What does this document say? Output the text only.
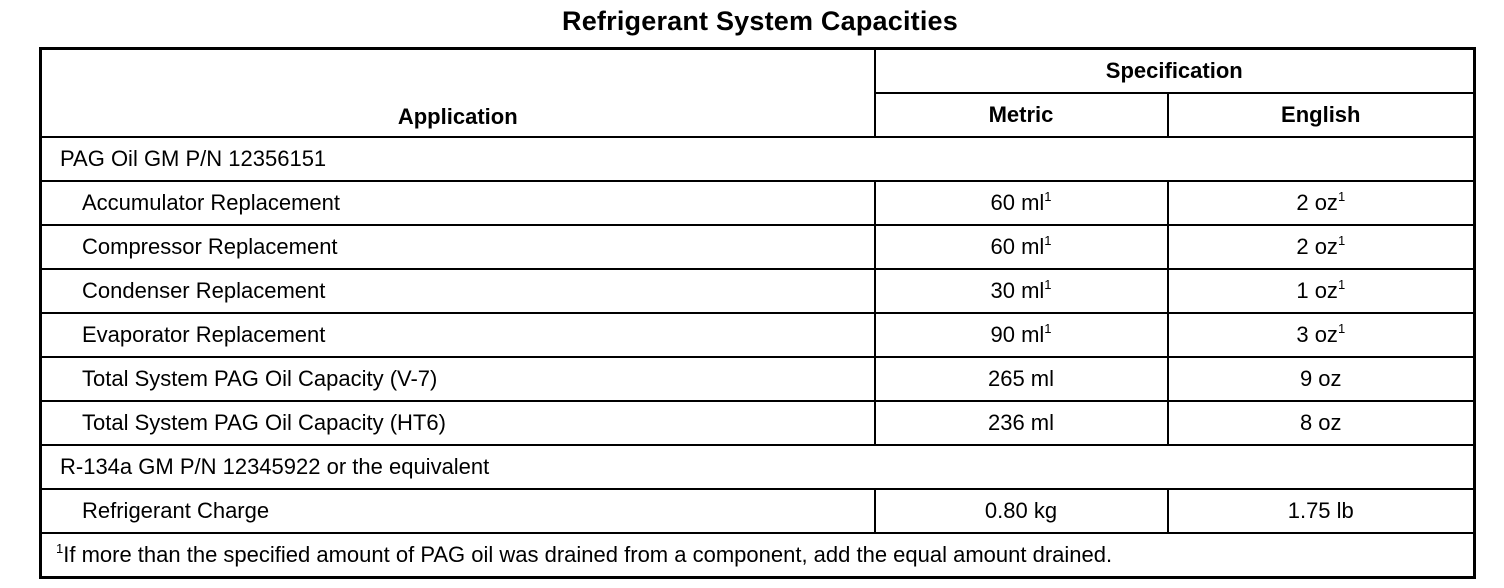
Refrigerant System Capacities
Application	Specification	
	Metric	English
PAG Oil GM P/N 12356151		
Accumulator Replacement	60 $ml^1$	2 $oz^1$
Compressor Replacement	60 $ml^1$	2 $oz^1$
Condenser Replacement	30 $ml^1$	1 $oz^1$
Evaporator Replacement	90 $ml^1$	3 $oz^1$
Total System PAG Oil Capacity (V-7)	265 ml	9 oz
Total System PAG Oil Capacity (HT6)	236 ml	8 oz
R-134a GM P/N 12345922 or the equivalent		
Refrigerant Charge	0.80 kg	1.75 lb
$^1$If more than the specified amount of PAG oil was drained from a component, add the equal amount drained.		
